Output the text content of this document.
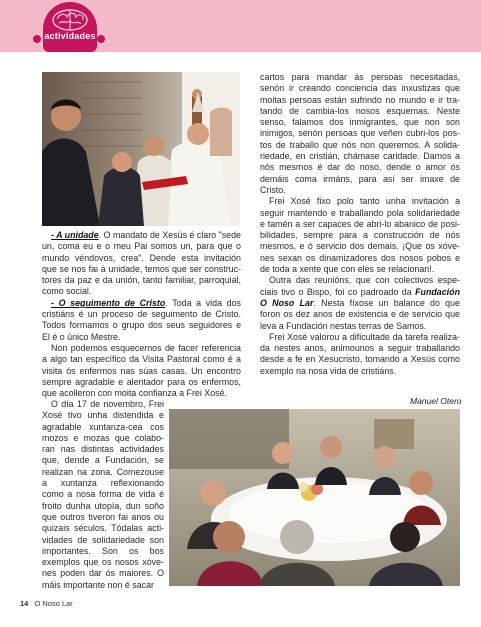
actividades

- A unidade. O mandato de Xesús é claro "sede un, coma eu e o meu Pai somos un, para que o mundo véndovos, crea". Dende esta invitación que se nos fai á unidade, temos que ser construc-tores da paz e da unión, tanto familiar, parroquial, como social.

- O seguimento de Cristo. Toda a vida dos cristiáns é un proceso de seguimento de Cristo. Todos formamos o grupo dos seus seguidores e El é o único Mestre.

Non podemos esquecernos de facer referencia a algo tan específico da Visita Pastoral como é a visita ós enfermos nas súas casas. Un encontro sempre agradable e alentador para os enfermos, que acolleron con moita confianza a Frei Xosé.

O día 17 de novembro, Frei Xosé tivo unha distendida e agradable xuntanza-cea cos mozos e mozas que colabo-ran nas distintas actividades que, dende a Fundación, se realizan na zona. Comezouse a xuntanza reflexionando como a nosa forma de vida é froito dunha utopía, dun soño que outros tiveron fai anos ou quizais séculos. Tódalas acti-vidades de solidariedade son importantes. Son os bos exemplos que os nosos xóve-nes poden dar ós maiores. O máis importante non é sacar

cartos para mandar ás persoas necesitadas, senón ir creando conciencia das inxustizas que moitas persoas están sufrindo no mundo e ir tra-tando de cambia-los nosos esquemas. Neste senso, falamos dos inmigrantes, que non son inimigos, senón persoas que veñen cubri-los pos-tos de traballo que nós non queremos. A solida-riedade, en cristián, chámase caridade. Damos a nós mesmos é dar do noso, dende o amor ós demáis coma irmáns, para así ser imaxe de Cristo.

Frei Xosé fixo polo tanto unha invitación a seguir mantendo e traballando pola solidariedade e tamén a ser capaces de abri-lo abanico de posi-bilidades, sempre para a construcción de nós mesmos, e ó servicio dos demais. ¡Que os xóve-nes sexan os dinamizadores dos nosos pobos e de toda a xente que con eles se relacionan!.

Outra das reunións, que con colectivos espe-ciais tivo o Bispo, foi co padroado da Fundación O Noso Lar. Nesta fíxose un balance do que foron os dez anos de existencia e de servicio que leva a Fundación nestas terras de Samos.

Frei Xosé valorou a dificultade da tarefa realiza-da nestes anos, animounos a seguir traballando desde a fe en Xesucristo, tomando a Xesús como exemplo na nosa vida de cristiáns.

Manuel Otero
14 O Noso Lar
